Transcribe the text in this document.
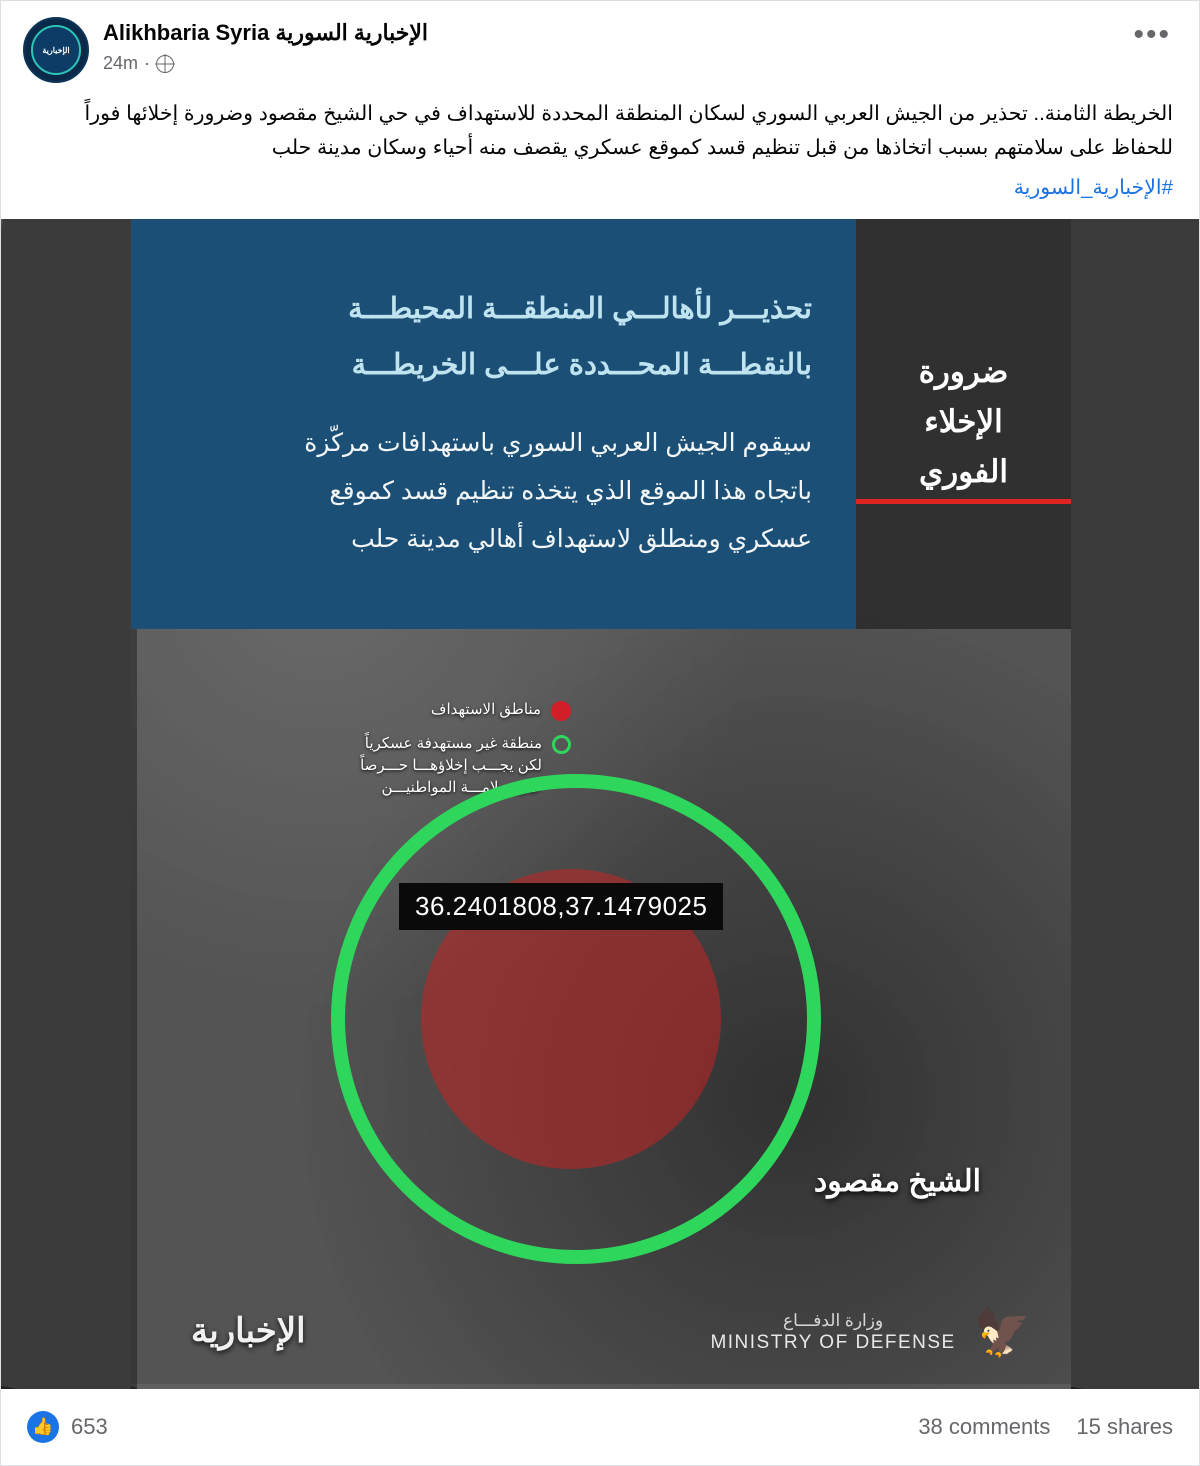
الإخبارية
Alikhbaria Syria الإخبارية السورية
24m ·
•••
الخريطة الثامنة.. تحذير من الجيش العربي السوري لسكان المنطقة المحددة للاستهداف في حي الشيخ مقصود وضرورة إخلائها فوراً للحفاظ على سلامتهم بسبب اتخاذها من قبل تنظيم قسد كموقع عسكري يقصف منه أحياء وسكان مدينة حلب
#الإخبارية_السورية
تحذيـــر لأهالـــي المنطقـــة المحيطـــة
بالنقطـــة المحـــددة علـــى الخريطـــة
سيقوم الجيش العربي السوري باستهدافات مركّزة
باتجاه هذا الموقع الذي يتخذه تنظيم قسد كموقع
عسكري ومنطلق لاستهداف أهالي مدينة حلب
ضرورة
الإخلاء
الفوري
مناطق الاستهداف
منطقة غير مستهدفة عسكرياً
لكن يجـــب إخلاؤهـــا حـــرصاً
على سلامـــة المواطنيـــن
36.2401808,37.1479025
الشيخ مقصود
الإخبارية	وزارة الدفـــاع
MINISTRY OF DEFENSE 🦅
👍 653	38 comments 15 shares
